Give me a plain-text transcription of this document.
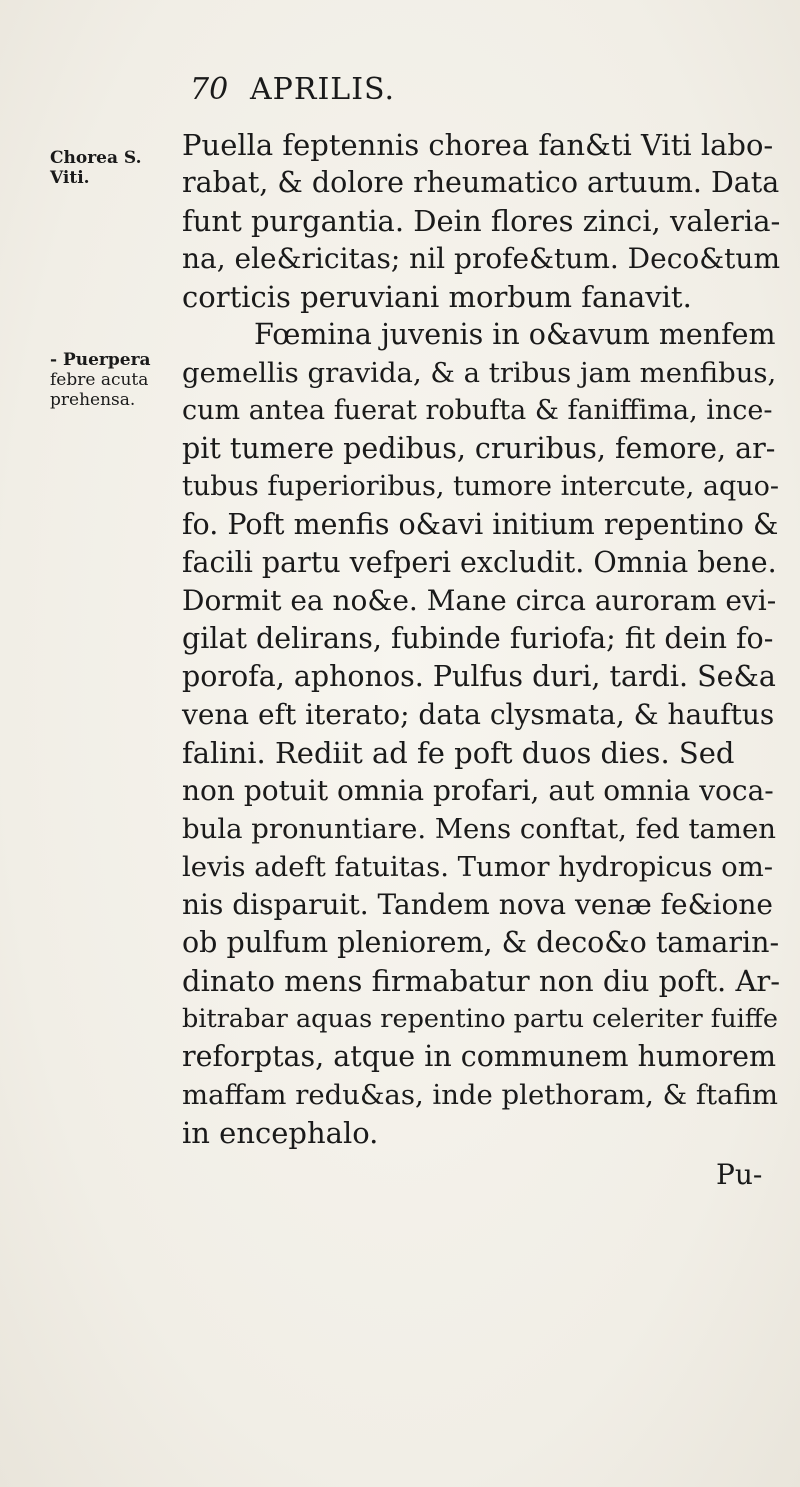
70 APRILIS.
Chorea S.
Viti.
- Puerpera
febre acuta
prehensa.
Puella feptennis chorea fan&ti Viti labo-
rabat, & dolore rheumatico artuum. Data
funt purgantia. Dein flores zinci, valeria-
na, ele&ricitas; nil profe&tum. Deco&tum
corticis peruviani morbum fanavit.
Fœmina juvenis in o&avum menfem
gemellis gravida, & a tribus jam menfibus,
cum antea fuerat robufta & faniffima, ince-
pit tumere pedibus, cruribus, femore, ar-
tubus fuperioribus, tumore intercute, aquo-
fo. Poft menfis o&avi initium repentino &
facili partu vefperi excludit. Omnia bene.
Dormit ea no&e. Mane circa auroram evi-
gilat delirans, fubinde furiofa; fit dein fo-
porofa, aphonos. Pulfus duri, tardi. Se&a
vena eft iterato; data clysmata, & hauftus
falini. Rediit ad fe poft duos dies. Sed
non potuit omnia profari, aut omnia voca-
bula pronuntiare. Mens conftat, fed tamen
levis adeft fatuitas. Tumor hydropicus om-
nis disparuit. Tandem nova venæ fe&ione
ob pulfum pleniorem, & deco&o tamarin-
dinato mens firmabatur non diu poft. Ar-
bitrabar aquas repentino partu celeriter fuiffe
reforptas, atque in communem humorem
maffam redu&as, inde plethoram, & ftafim
in encephalo.
Pu-
